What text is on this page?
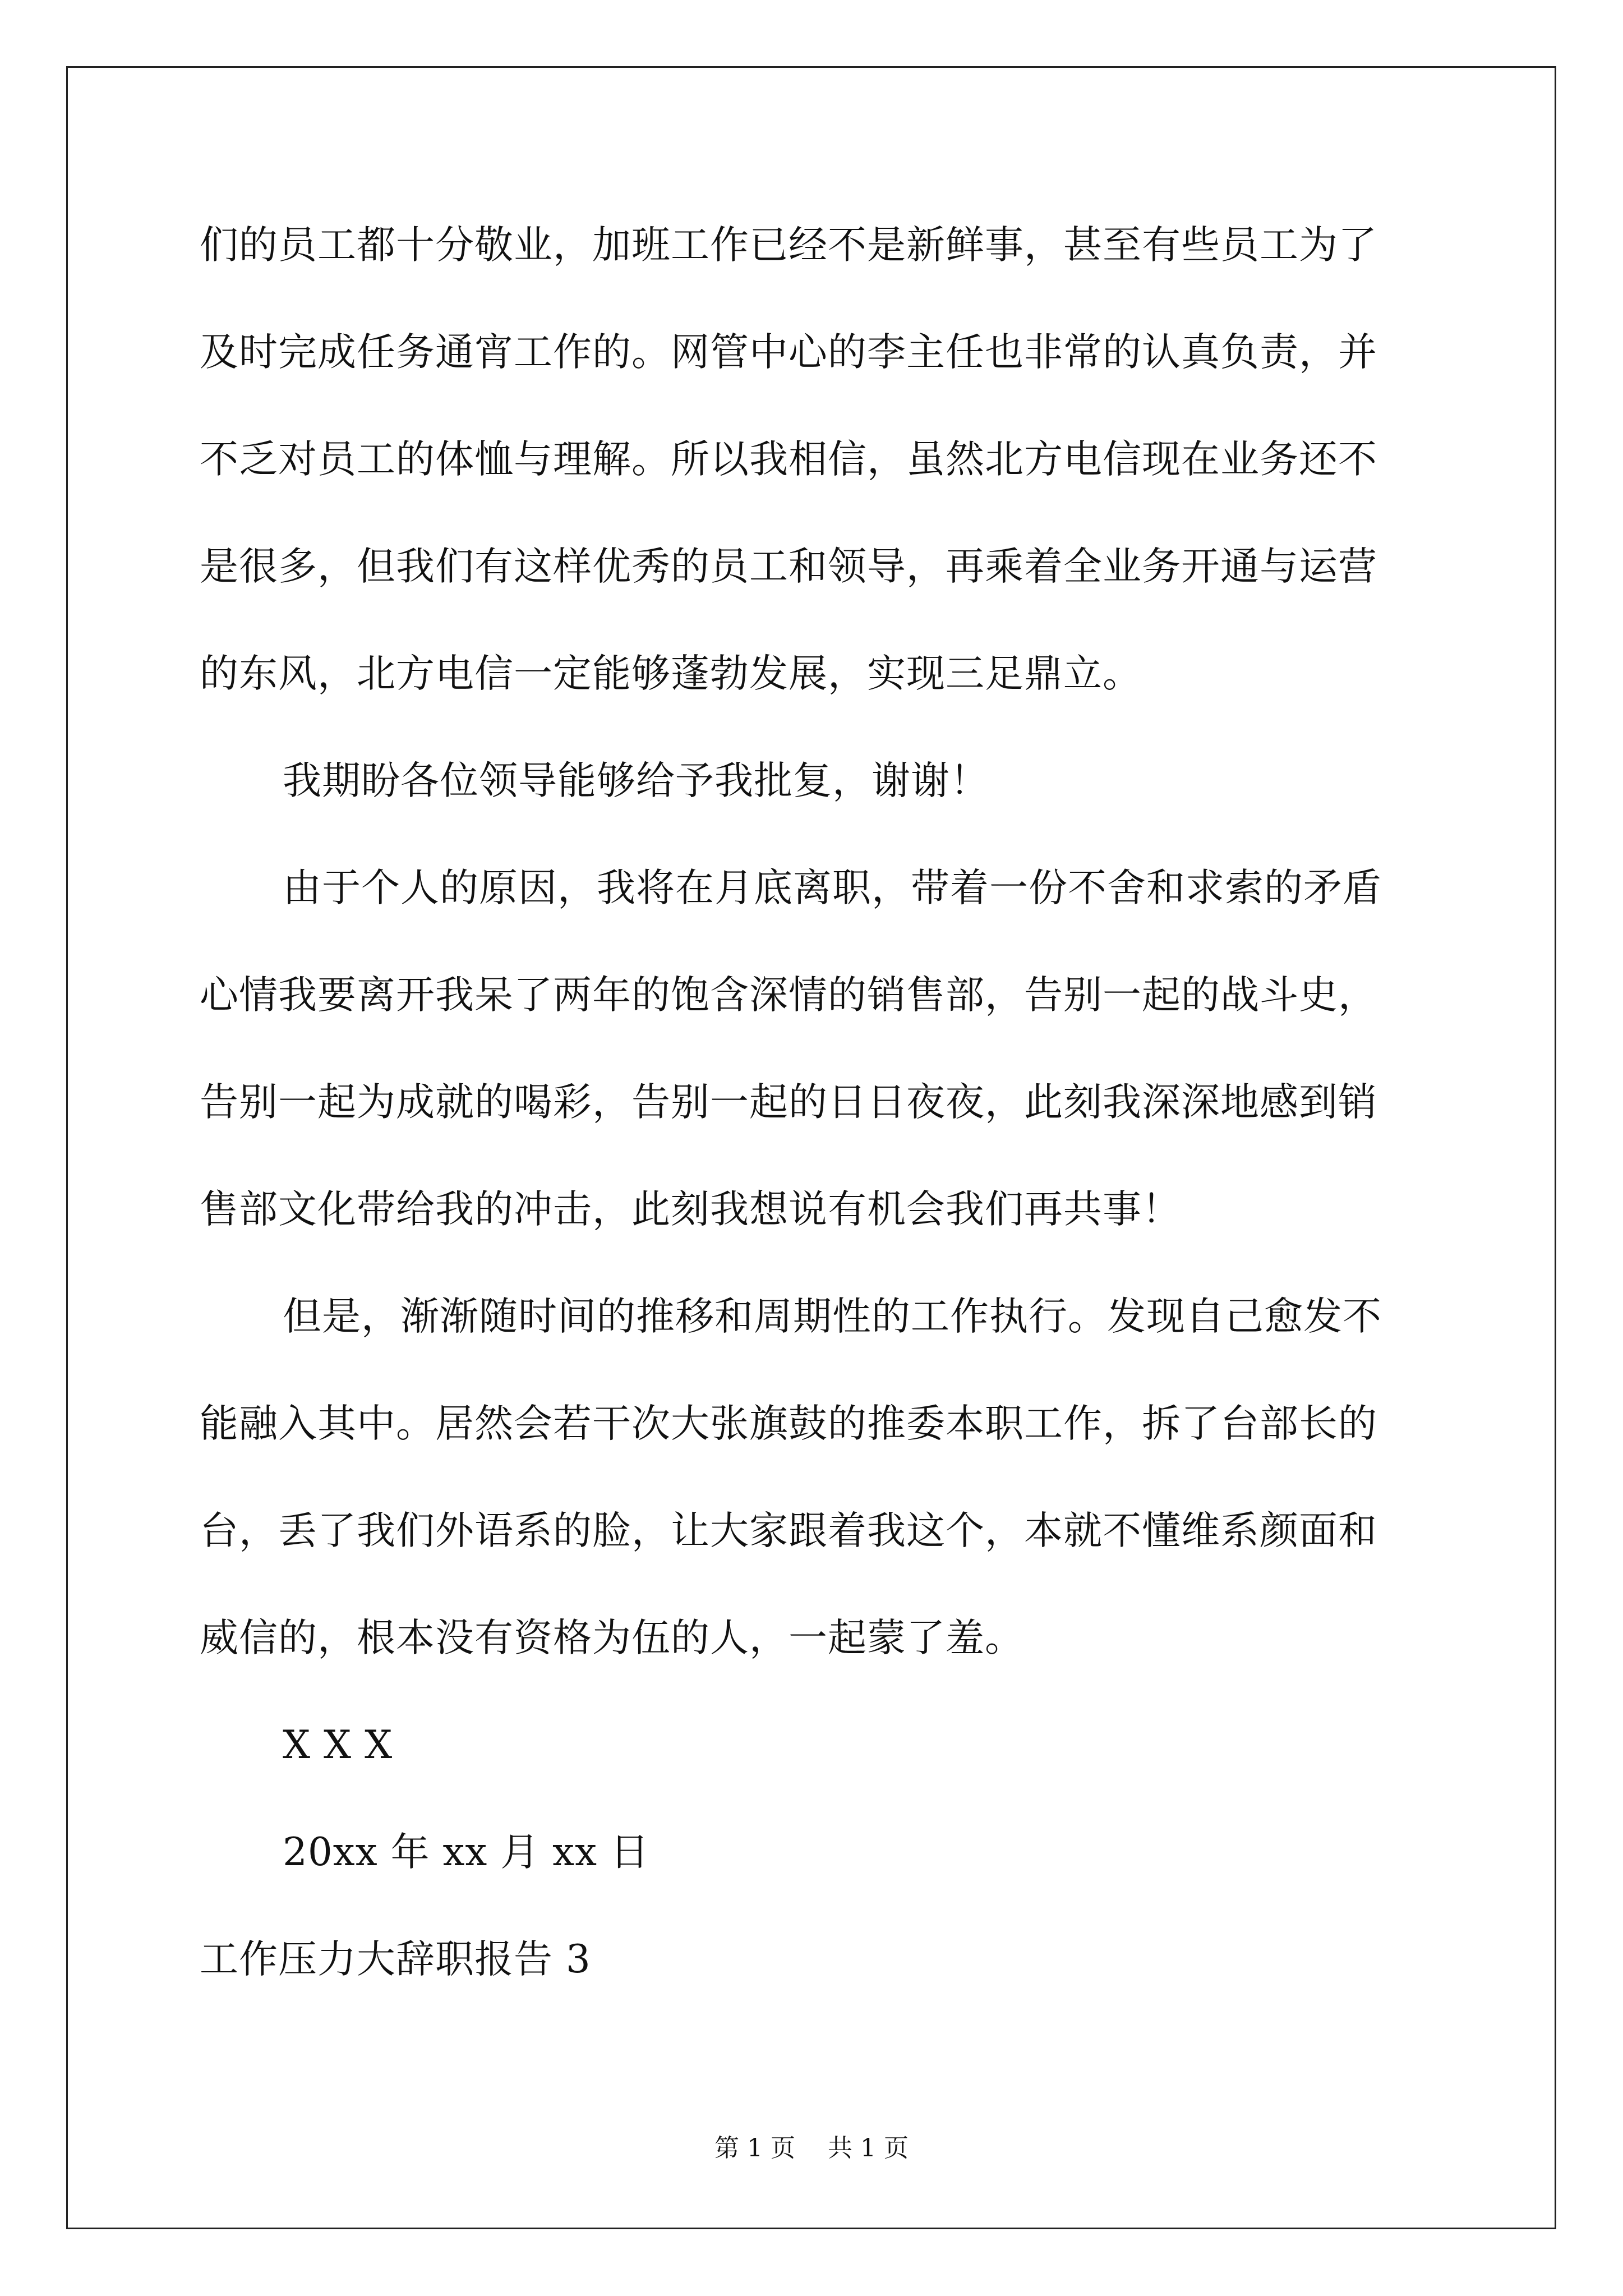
们的员工都十分敬业，加班工作已经不是新鲜事，甚至有些员工为了
及时完成任务通宵工作的。网管中心的李主任也非常的认真负责，并
不乏对员工的体恤与理解。所以我相信，虽然北方电信现在业务还不
是很多，但我们有这样优秀的员工和领导，再乘着全业务开通与运营
的东风，北方电信一定能够蓬勃发展，实现三足鼎立。
我期盼各位领导能够给予我批复，谢谢！
由于个人的原因，我将在月底离职，带着一份不舍和求索的矛盾
心情我要离开我呆了两年的饱含深情的销售部，告别一起的战斗史，
告别一起为成就的喝彩，告别一起的日日夜夜，此刻我深深地感到销
售部文化带给我的冲击，此刻我想说有机会我们再共事！
但是，渐渐随时间的推移和周期性的工作执行。发现自己愈发不
能融入其中。居然会若干次大张旗鼓的推委本职工作，拆了台部长的
台，丢了我们外语系的脸，让大家跟着我这个，本就不懂维系颜面和
威信的，根本没有资格为伍的人，一起蒙了羞。
X X X
20xx 年 xx 月 xx 日
工作压力大辞职报告 3
第 1 页 共 1 页
